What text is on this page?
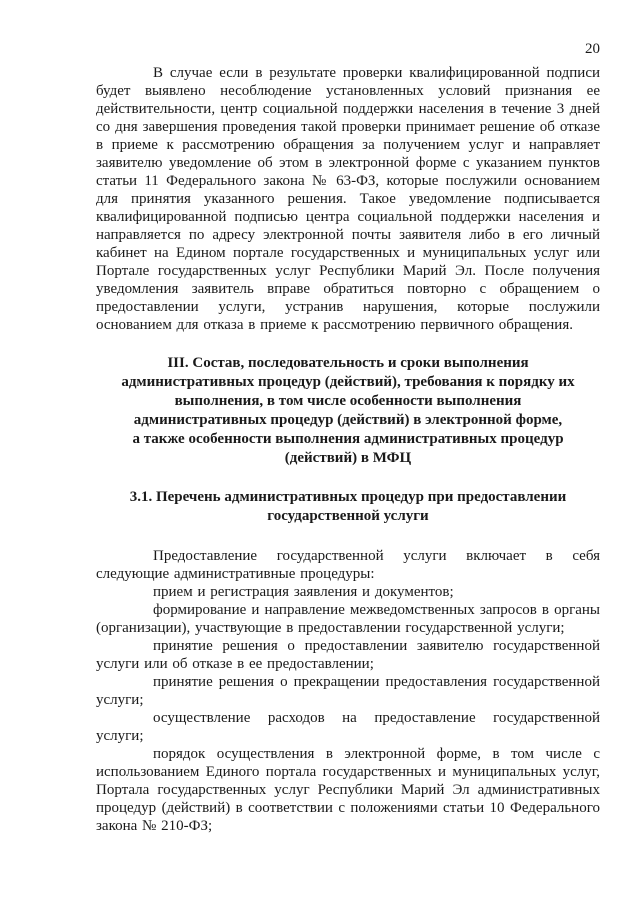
20

В случае если в результате проверки квалифицированной подписи будет выявлено несоблюдение установленных условий признания ее действительности, центр социальной поддержки населения в течение 3 дней со дня завершения проведения такой проверки принимает решение об отказе в приеме к рассмотрению обращения за получением услуг и направляет заявителю уведомление об этом в электронной форме с указанием пунктов статьи 11 Федерального закона № 63-ФЗ, которые послужили основанием для принятия указанного решения. Такое уведомление подписывается квалифицированной подписью центра социальной поддержки населения и направляется по адресу электронной почты заявителя либо в его личный кабинет на Едином портале государственных и муниципальных услуг или Портале государственных услуг Республики Марий Эл. После получения уведомления заявитель вправе обратиться повторно с обращением о предоставлении услуги, устранив нарушения, которые послужили основанием для отказа в приеме к рассмотрению первичного обращения.

III. Состав, последовательность и сроки выполнения
административных процедур (действий), требования к порядку их
выполнения, в том числе особенности выполнения
административных процедур (действий) в электронной форме,
а также особенности выполнения административных процедур
(действий) в МФЦ
3.1. Перечень административных процедур при предоставлении
государственной услуги

Предоставление государственной услуги включает в себя следующие административные процедуры:

прием и регистрация заявления и документов;

формирование и направление межведомственных запросов в органы (организации), участвующие в предоставлении государственной услуги;

принятие решения о предоставлении заявителю государственной услуги или об отказе в ее предоставлении;

принятие решения о прекращении предоставления государственной услуги;

осуществление расходов на предоставление государственной услуги;

порядок осуществления в электронной форме, в том числе с использованием Единого портала государственных и муниципальных услуг, Портала государственных услуг Республики Марий Эл административных процедур (действий) в соответствии с положениями статьи 10 Федерального закона № 210-ФЗ;
